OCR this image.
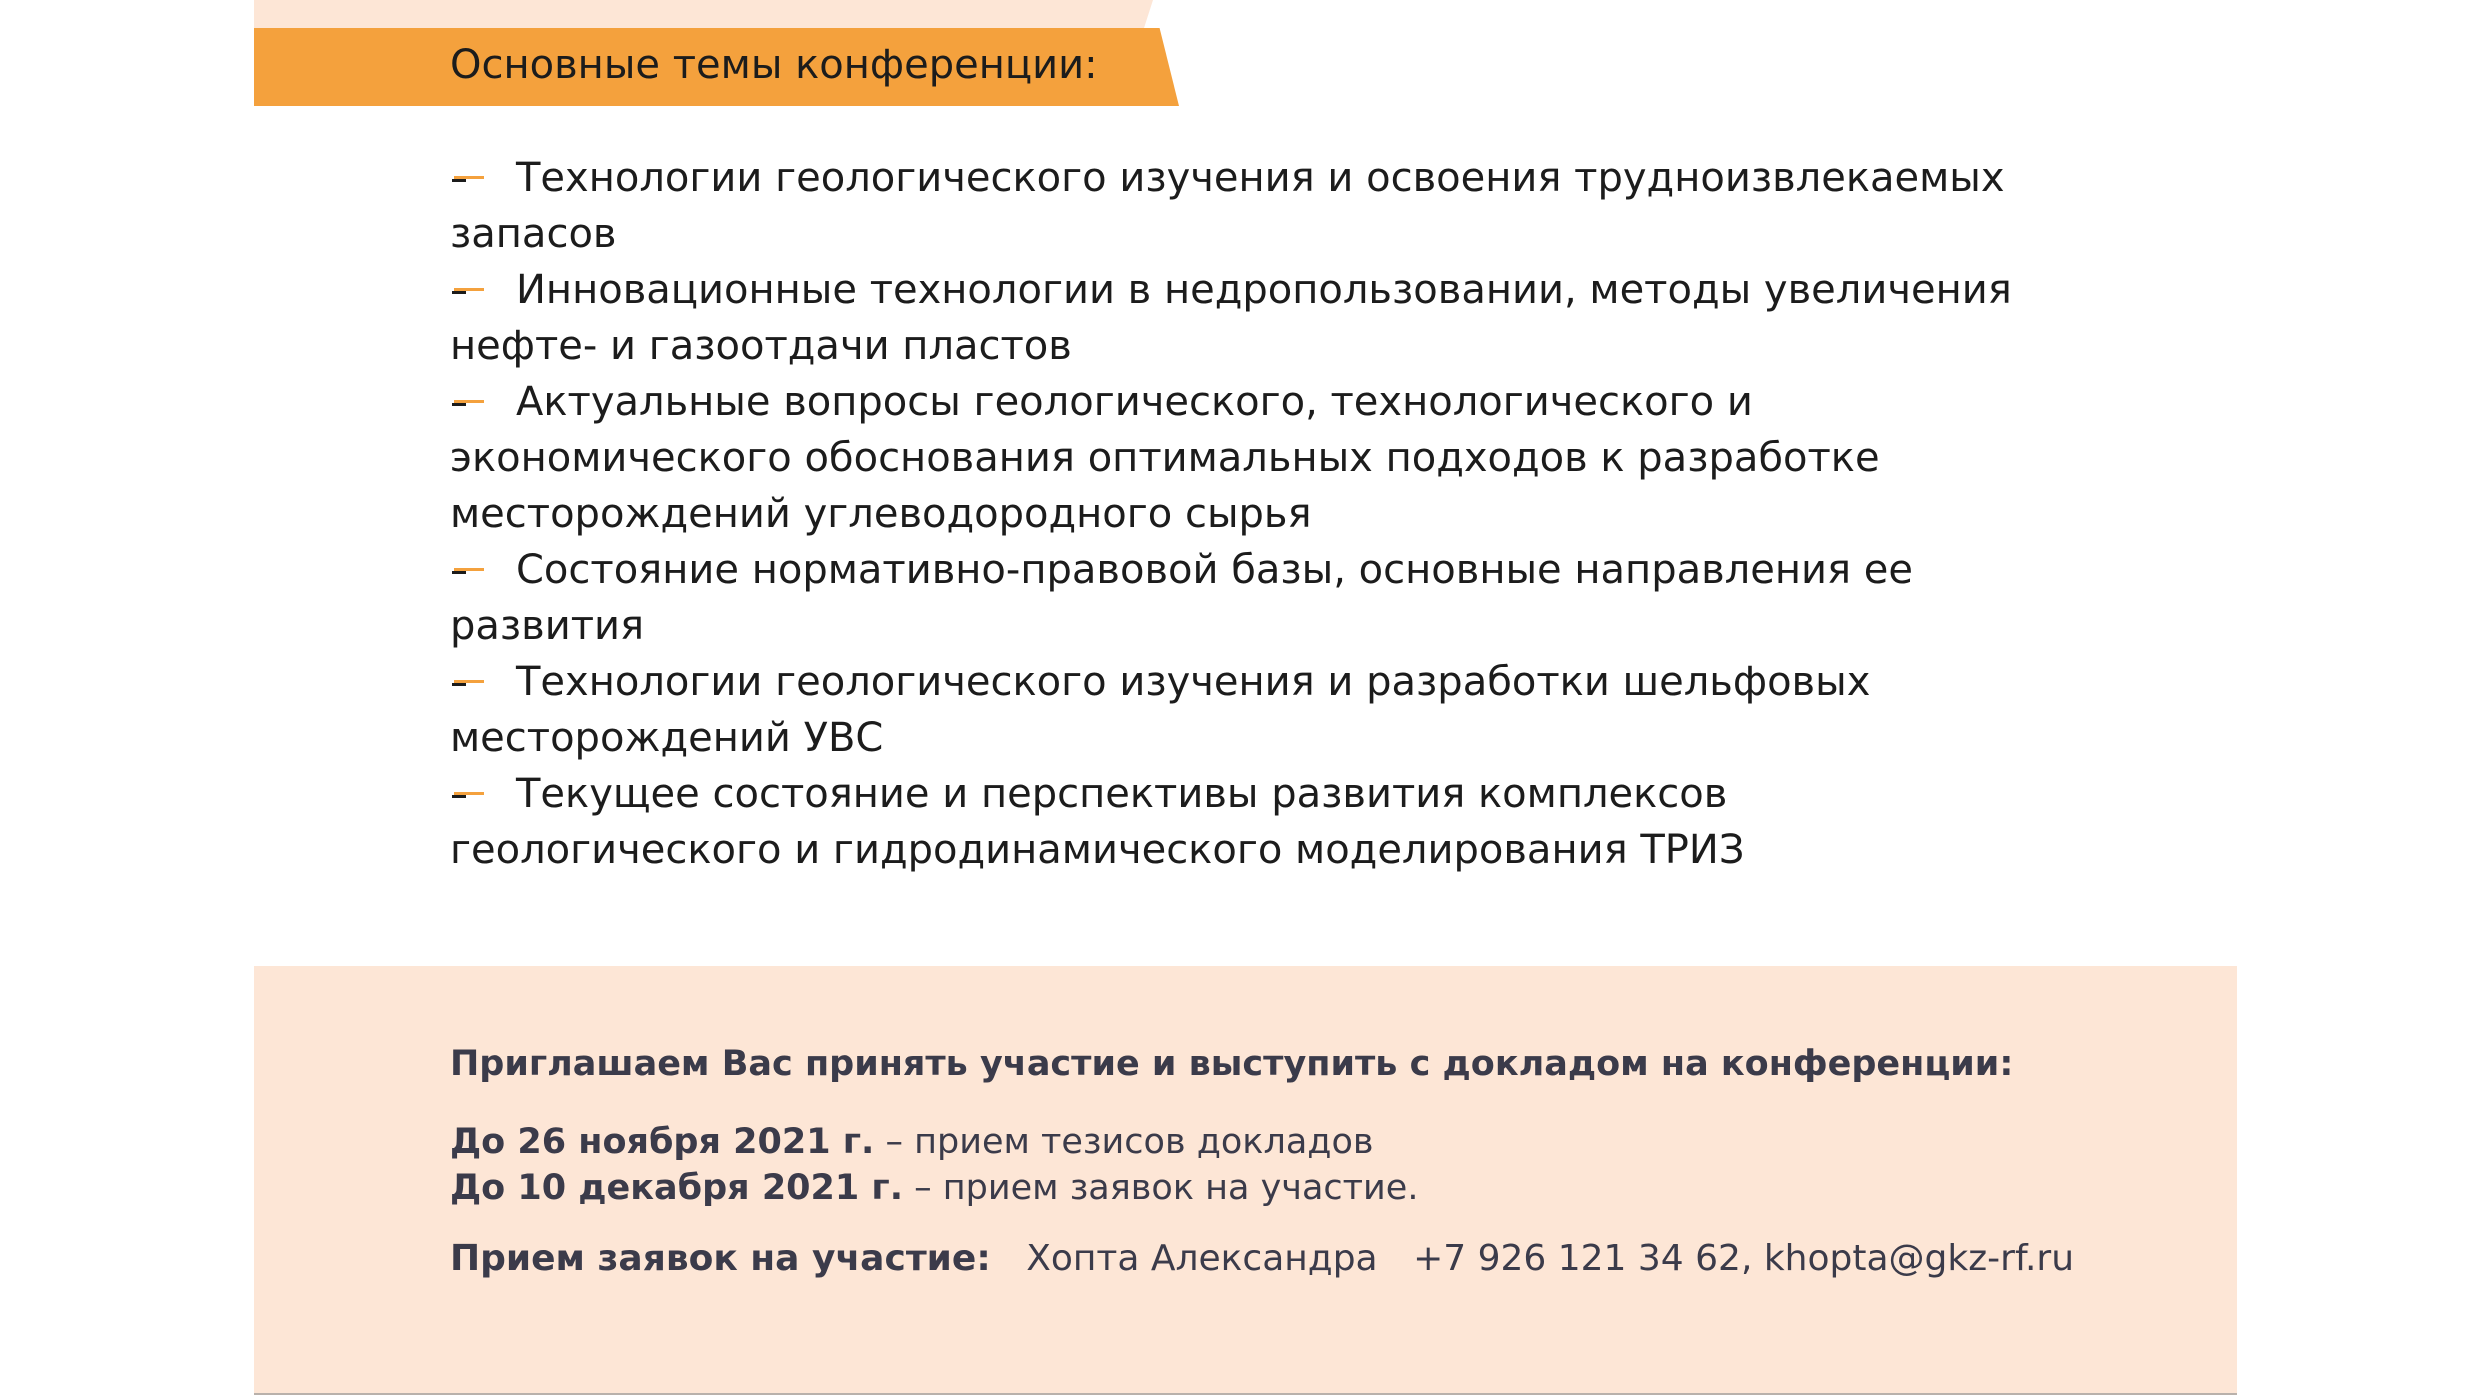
Основные темы конференции:
Технологии геологического изучения и освоения трудноизвлекаемых запасов
Инновационные технологии в недропользовании, методы увеличения нефте- и газоотдачи пластов
Актуальные вопросы геологического, технологического и экономического обоснования оптимальных подходов к разработке месторождений углеводородного сырья
Состояние нормативно-правовой базы, основные направления ее развития
Технологии геологического изучения и разработки шельфовых месторождений УВС
Текущее состояние и перспективы развития комплексов геологического и гидродинамического моделирования ТРИЗ
Приглашаем Вас принять участие и выступить с докладом на конференции:
До 26 ноября 2021 г. – прием тезисов докладов
До 10 декабря 2021 г. – прием заявок на участие.
Прием заявок на участие: Хопта Александра +7 926 121 34 62, khopta@gkz-rf.ru
